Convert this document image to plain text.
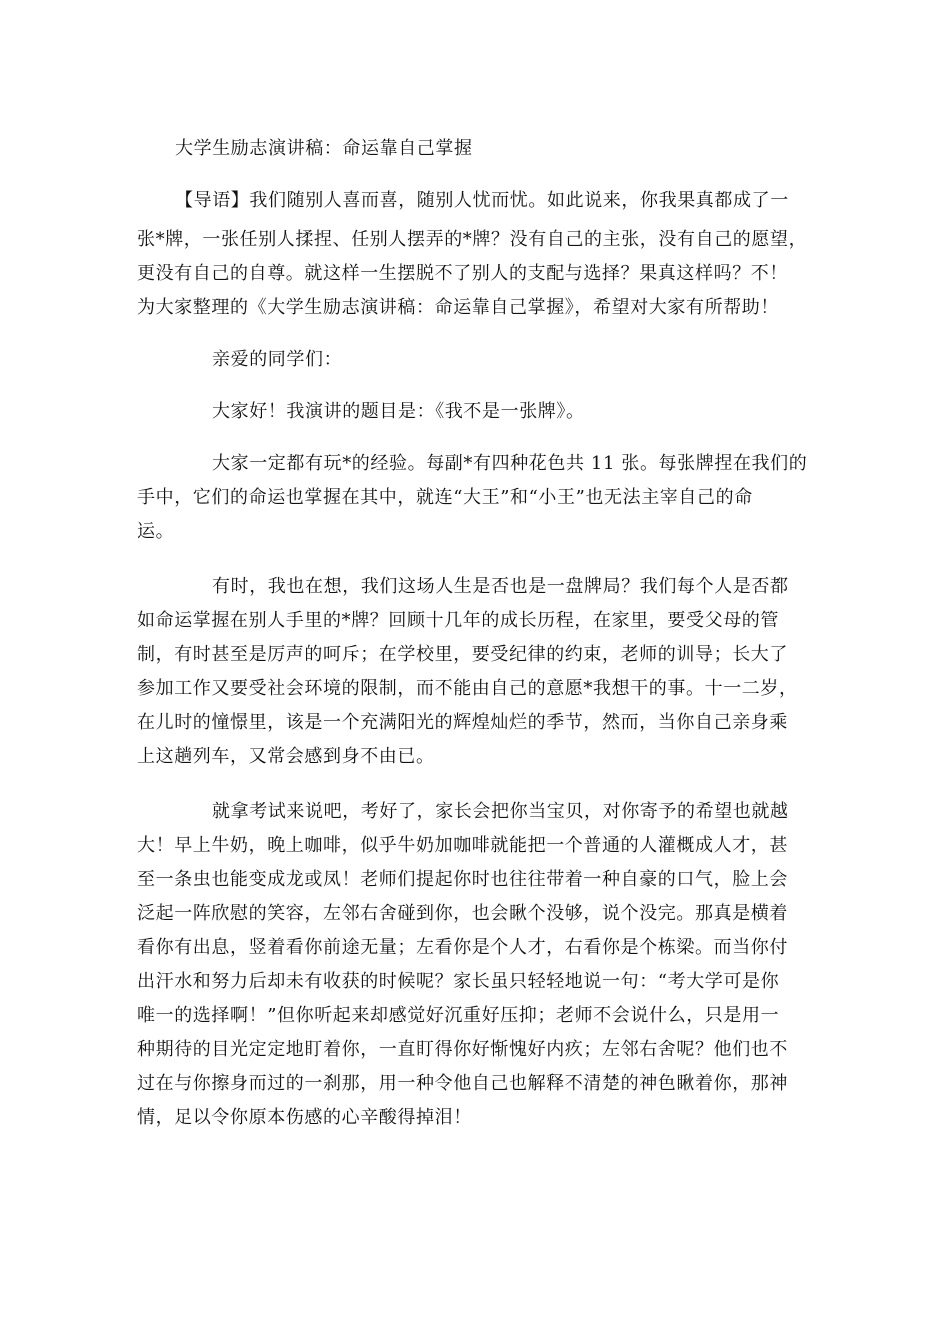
大学生励志演讲稿：命运靠自己掌握
【导语】我们随别人喜而喜，随别人忧而忧。如此说来，你我果真都成了一
张*牌，一张任别人揉捏、任别人摆弄的*牌？没有自己的主张，没有自己的愿望，
更没有自己的自尊。就这样一生摆脱不了别人的支配与选择？果真这样吗？不！
为大家整理的《大学生励志演讲稿：命运靠自己掌握》，希望对大家有所帮助！
亲爱的同学们：
大家好！我演讲的题目是：《我不是一张牌》。
大家一定都有玩*的经验。每副*有四种花色共 11 张。每张牌捏在我们的
手中，它们的命运也掌握在其中，就连“大王”和“小王”也无法主宰自己的命
运。
有时，我也在想，我们这场人生是否也是一盘牌局？我们每个人是否都
如命运掌握在别人手里的*牌？回顾十几年的成长历程，在家里，要受父母的管
制，有时甚至是厉声的呵斥；在学校里，要受纪律的约束，老师的训导；长大了
参加工作又要受社会环境的限制，而不能由自己的意愿*我想干的事。十一二岁，
在儿时的憧憬里，该是一个充满阳光的辉煌灿烂的季节，然而，当你自己亲身乘
上这趟列车，又常会感到身不由已。
就拿考试来说吧，考好了，家长会把你当宝贝，对你寄予的希望也就越
大！早上牛奶，晚上咖啡，似乎牛奶加咖啡就能把一个普通的人灌概成人才，甚
至一条虫也能变成龙或凤！老师们提起你时也往往带着一种自豪的口气，脸上会
泛起一阵欣慰的笑容，左邻右舍碰到你，也会瞅个没够，说个没完。那真是横着
看你有出息，竖着看你前途无量；左看你是个人才，右看你是个栋梁。而当你付
出汗水和努力后却未有收获的时候呢？家长虽只轻轻地说一句：“考大学可是你
唯一的选择啊！”但你听起来却感觉好沉重好压抑；老师不会说什么，只是用一
种期待的目光定定地盯着你，一直盯得你好惭愧好内疚；左邻右舍呢？他们也不
过在与你擦身而过的一刹那，用一种令他自己也解释不清楚的神色瞅着你，那神
情，足以令你原本伤感的心辛酸得掉泪！
